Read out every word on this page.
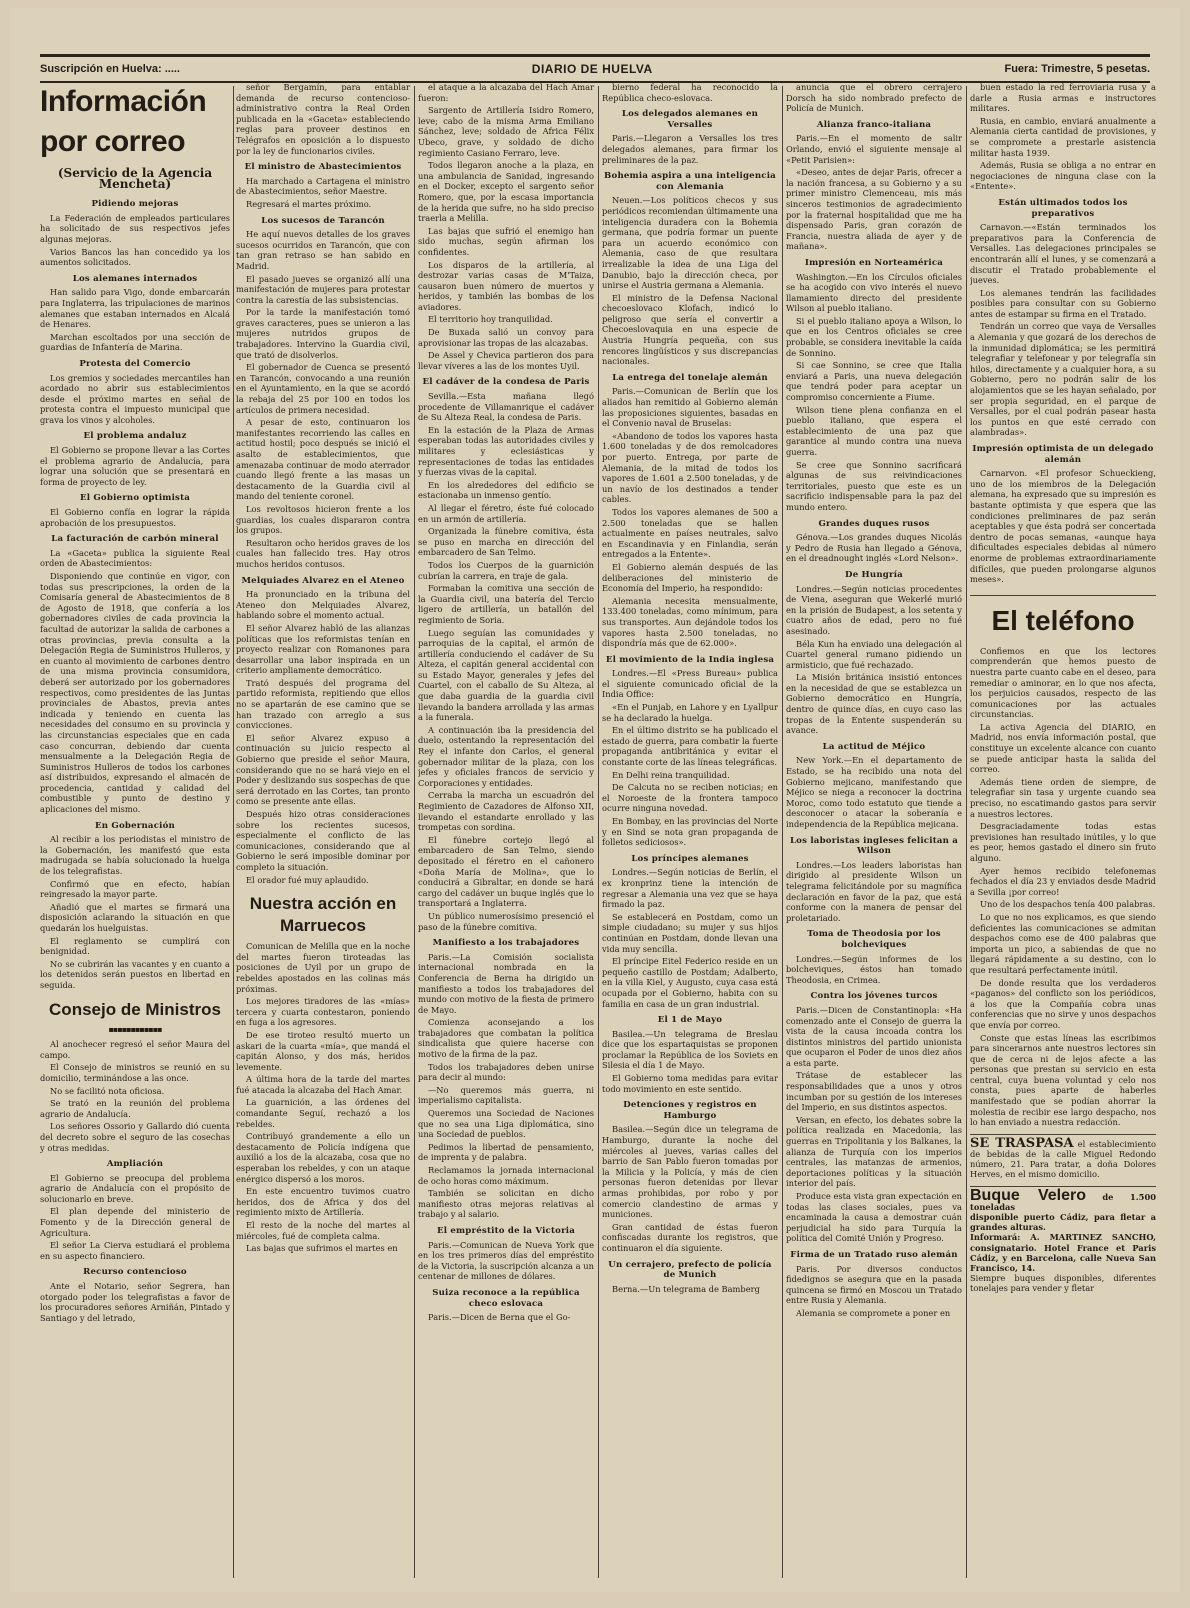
Suscripción en Huelva: .....	DIARIO DE HUELVA	Fuera: Trimestre, 5 pesetas.
Información por correo
(Servicio de la Agencia Mencheta)
Pidiendo mejoras

La Federación de empleados particulares ha solicitado de sus respectivos jefes algunas mejoras.

Varios Bancos las han concedido ya los aumentos solicitados.

Los alemanes internados

Han salido para Vigo, donde embarcarán para Inglaterra, las tripulaciones de marinos alemanes que estaban internados en Alcalá de Henares.

Marchan escoltados por una sección de guardias de Infantería de Marina.

Protesta del Comercio

Los gremios y sociedades mercantiles han acordado no abrir sus establecimientos desde el próximo martes en señal de protesta contra el impuesto municipal que grava los vinos y alcoholes.

El problema andaluz

El Gobierno se propone llevar a las Cortes el problema agrario de Andalucía, para lograr una solución que se presentará en forma de proyecto de ley.

El Gobierno optimista

El Gobierno confía en lograr la rápida aprobación de los presupuestos.

La facturación de carbón mineral

La «Gaceta» publica la siguiente Real orden de Abastecimientos:

Disponiendo que continúe en vigor, con todas sus prescripciones, la orden de la Comisaría general de Abastecimientos de 8 de Agosto de 1918, que confería a los gobernadores civiles de cada provincia la facultad de autorizar la salida de carbones a otras provincias, previa consulta a la Delegación Regia de Suministros Hulleros, y en cuanto al movimiento de carbones dentro de una misma provincia consumidora, deberá ser autorizado por los gobernadores respectivos, como presidentes de las Juntas provinciales de Abastos, previa antes indicada y teniendo en cuenta las necesidades del consumo en su provincia y las circunstancias especiales que en cada caso concurran, debiendo dar cuenta mensualmente a la Delegación Regia de Suministros Hulleros de todos los carbones así distribuidos, expresando el almacén de procedencia, cantidad y calidad del combustible y punto de destino y aplicaciones del mismo.

En Gobernación

Al recibir a los periodistas el ministro de la Gobernación, les manifestó que esta madrugada se había solucionado la huelga de los telegrafistas.

Confirmó que en efecto, habían reingresado la mayor parte.

Añadió que el martes se firmará una disposición aclarando la situación en que quedarán los huelguistas.

El reglamento se cumplirá con benignidad.

No se cubrirán las vacantes y en cuanto a los detenidos serán puestos en libertad en seguida.

Consejo de Ministros
▪▪▪▪▪▪▪▪▪▪▪▪

Al anochecer regresó el señor Maura del campo.

El Consejo de ministros se reunió en su domicilio, terminándose a las once.

No se facilitó nota oficiosa.

Se trató en la reunión del problema agrario de Andalucía.

Los señores Ossorio y Gallardo dió cuenta del decreto sobre el seguro de las cosechas y otras medidas.

Ampliación

El Gobierno se preocupa del problema agrario de Andalucía con el propósito de solucionarlo en breve.

El plan depende del ministerio de Fomento y de la Dirección general de Agricultura.

El señor La Cierva estudiará el problema en su aspecto financiero.

Recurso contencioso

Ante el Notario, señor Segrera, han otorgado poder los telegrafistas a favor de los procuradores señores Arniñán, Pintado y Santiago y del letrado,

señor Bergamín, para entablar demanda de recurso contencioso-administrativo contra la Real Orden publicada en la «Gaceta» estableciendo reglas para proveer destinos en Telégrafos en oposición a lo dispuesto por la ley de funcionarios civiles.

El ministro de Abastecimientos

Ha marchado a Cartagena el ministro de Abastecimientos, señor Maestre.

Regresará el martes próximo.

Los sucesos de Tarancón

He aquí nuevos detalles de los graves sucesos ocurridos en Tarancón, que con tan gran retraso se han sabido en Madrid.

El pasado jueves se organizó allí una manifestación de mujeres para protestar contra la carestía de las subsistencias.

Por la tarde la manifestación tomó graves caracteres, pues se unieron a las mujeres nutridos grupos de trabajadores. Intervino la Guardia civil, que trató de disolverlos.

El gobernador de Cuenca se presentó en Tarancón, convocando a una reunión en el Ayuntamiento, en la que se acordó la rebaja del 25 por 100 en todos los artículos de primera necesidad.

A pesar de esto, continuaron los manifestantes recorriendo las calles en actitud hostil; poco después se inició el asalto de establecimientos, que amenazaba continuar de modo aterrador cuando llegó frente a las masas un destacamento de la Guardia civil al mando del teniente coronel.

Los revoltosos hicieron frente a los guardias, los cuales dispararon contra los grupos.

Resultaron ocho heridos graves de los cuales han fallecido tres. Hay otros muchos heridos contusos.

Melquiades Alvarez en el Ateneo

Ha pronunciado en la tribuna del Ateneo don Melquiades Alvarez, hablando sobre el momento actual.

El señor Alvarez habló de las alianzas políticas que los reformistas tenían en proyecto realizar con Romanones para desarrollar una labor inspirada en un criterio ampliamente democrático.

Trató después del programa del partido reformista, repitiendo que ellos no se apartarán de ese camino que se han trazado con arreglo a sus convicciones.

El señor Alvarez expuso a continuación su juicio respecto al Gobierno que preside el señor Maura, considerando que no se hará viejo en el Poder y deslizando sus sospechas de que será derrotado en las Cortes, tan pronto como se presente ante ellas.

Después hizo otras consideraciones sobre los recientes sucesos, especialmente el conflicto de las comunicaciones, considerando que al Gobierno le será imposible dominar por completo la situación.

El orador fué muy aplaudido.

Nuestra acción en Marruecos

Comunican de Melilla que en la noche del martes fueron tiroteadas las posiciones de Uyil por un grupo de rebeldes apostados en las colinas más próximas.

Los mejores tiradores de las «mías» tercera y cuarta contestaron, poniendo en fuga a los agresores.

De ese tiroteo resultó muerto un askari de la cuarta «mía», que mandá el capitán Alonso, y dos más, heridos levemente.

A última hora de la tarde del martes fué atacada la alcazaba del Hach Amar.

La guarnición, a las órdenes del comandante Seguí, rechazó a los rebeldes.

Contribuyó grandemente a ello un destacamento de Policía indígena que auxilió a los de la alcazaba, cosa que no esperaban los rebeldes, y con un ataque enérgico dispersó a los moros.

En este encuentro tuvimos cuatro heridos, dos de Africa y dos del regimiento mixto de Artillería.

El resto de la noche del martes al miércoles, fué de completa calma.

Las bajas que sufrimos el martes en

el ataque a la alcazaba del Hach Amar fueron:

Sargento de Artillería Isidro Romero, leve; cabo de la misma Arma Emiliano Sánchez, leve; soldado de Africa Félix Ubeco, grave, y soldado de dicho regimiento Casiano Ferraro, leve.

Todos llegaron anoche a la plaza, en una ambulancia de Sanidad, ingresando en el Docker, excepto el sargento señor Romero, que, por la escasa importancia de la herida que sufre, no ha sido preciso traerla a Melilla.

Las bajas que sufrió el enemigo han sido muchas, según afirman los confidentes.

Los disparos de la artillería, al destrozar varias casas de M'Taiza, causaron buen número de muertos y heridos, y también las bombas de los aviadores.

El territorio hoy tranquilidad.

De Buxada salió un convoy para aprovisionar las tropas de las alcazabas.

De Assel y Chevica partieron dos para llevar víveres a las de los montes Uyil.

El cadáver de la condesa de Paris

Sevilla.—Esta mañana llegó procedente de Villamanrique el cadáver de Su Alteza Real, la condesa de Paris.

En la estación de la Plaza de Armas esperaban todas las autoridades civiles y militares y eclesiásticas y representaciones de todas las entidades y fuerzas vivas de la capital.

En los alrededores del edificio se estacionaba un inmenso gentío.

Al llegar el féretro, éste fué colocado en un armón de artillería.

Organizada la fúnebre comitiva, ésta se puso en marcha en dirección del embarcadero de San Telmo.

Todos los Cuerpos de la guarnición cubrían la carrera, en traje de gala.

Formaban la comitiva una sección de la Guardia civil, una batería del Tercio ligero de artillería, un batallón del regimiento de Soria.

Luego seguían las comunidades y parroquias de la capital, el armón de artillería conduciendo el cadáver de Su Alteza, el capitán general accidental con su Estado Mayor, generales y jefes del Cuartel, con el caballo de Su Alteza, al que daba guardia de la guardia civil llevando la bandera arrollada y las armas a la funerala.

A continuación iba la presidencia del duelo, ostentando la representación del Rey el infante don Carlos, el general gobernador militar de la plaza, con los jefes y oficiales francos de servicio y Corporaciones y entidades.

Cerraba la marcha un escuadrón del Regimiento de Cazadores de Alfonso XII, llevando el estandarte enrollado y las trompetas con sordina.

El fúnebre cortejo llegó al embarcadero de San Telmo, siendo depositado el féretro en el cañonero «Doña María de Molina», que lo conducirá a Gibraltar, en donde se hará cargo del cadáver un buque inglés que lo transportará a Inglaterra.

Un público numerosísimo presenció el paso de la fúnebre comitiva.

Manifiesto a los trabajadores

Paris.—La Comisión socialista internacional nombrada en la Conferencia de Berna ha dirigido un manifiesto a todos los trabajadores del mundo con motivo de la fiesta de primero de Mayo.

Comienza aconsejando a los trabajadores que combatan la política sindicalista que quiere hacerse con motivo de la firma de la paz.

Todos los trabajadores deben unirse para decir al mundo:

—No queremos más guerra, ni imperialismo capitalista.

Queremos una Sociedad de Naciones que no sea una Liga diplomática, sino una Sociedad de pueblos.

Pedimos la libertad de pensamiento, de imprenta y de palabra.

Reclamamos la jornada internacional de ocho horas como máximum.

También se solicitan en dicho manifiesto otras mejoras relativas al trabajo y al salario.

El empréstito de la Victoria

Paris.—Comunican de Nueva York que en los tres primeros días del empréstito de la Victoria, la suscripción alcanza a un centenar de millones de dólares.

Suiza reconoce a la república checo eslovaca

Paris.—Dicen de Berna que el Go-

bierno federal ha reconocido la República checo-eslovaca.

Los delegados alemanes en Versalles

Paris.—Llegaron a Versalles los tres delegados alemanes, para firmar los preliminares de la paz.

Bohemia aspira a una inteligencia con Alemania

Neuen.—Los políticos checos y sus periódicos recomiendan últimamente una inteligencia duradera con la Bohemia germana, que podría formar un puente para un acuerdo económico con Alemania, caso de que resultara irrealizable la idea de una Liga del Danubio, bajo la dirección checa, por unirse el Austria germana a Alemania.

El ministro de la Defensa Nacional checoeslovaco Klofach, indicó lo peligroso que sería el convertir a Checoeslovaquia en una especie de Austria Hungría pequeña, con sus rencores lingüísticos y sus discrepancias nacionales.

La entrega del tonelaje alemán

Paris.—Comunican de Berlín que los aliados han remitido al Gobierno alemán las proposiciones siguientes, basadas en el Convenio naval de Bruselas:

«Abandono de todos los vapores hasta 1.600 toneladas y de dos remolcadores por puerto. Entrega, por parte de Alemania, de la mitad de todos los vapores de 1.601 a 2.500 toneladas, y de un navío de los destinados a tender cables.

Todos los vapores alemanes de 500 a 2.500 toneladas que se hallen actualmente en países neutrales, salvo en Escandinavia y en Finlandia, serán entregados a la Entente».

El Gobierno alemán después de las deliberaciones del ministerio de Economía del Imperio, ha respondido:

Alemania necesita mensualmente, 133.400 toneladas, como mínimum, para sus transportes. Aun dejándole todos los vapores hasta 2.500 toneladas, no dispondría más que de 62.000».

El movimiento de la India inglesa

Londres.—El «Press Bureau» publica el siguiente comunicado oficial de la India Office:

«En el Punjab, en Lahore y en Lyallpur se ha declarado la huelga.

En el último distrito se ha publicado el estado de guerra, para combatir la fuerte propaganda antibritánica y evitar el constante corte de las líneas telegráficas.

En Delhi reina tranquilidad.

De Calcuta no se reciben noticias; en el Noroeste de la frontera tampoco ocurre ninguna novedad.

En Bombay, en las provincias del Norte y en Sind se nota gran propaganda de folletos sediciosos».

Los príncipes alemanes

Londres.—Según noticias de Berlín, el ex kronprinz tiene la intención de regresar a Alemania una vez que se haya firmado la paz.

Se establecerá en Postdam, como un simple ciudadano; su mujer y sus hijos continúan en Postdam, donde llevan una vida muy sencilla.

El príncipe Eitel Federico reside en un pequeño castillo de Postdam; Adalberto, en la villa Kiel, y Augusto, cuya casa está ocupada por el Gobierno, habita con su familia en casa de un gran industrial.

El 1 de Mayo

Basilea.—Un telegrama de Breslau dice que los espartaquistas se proponen proclamar la República de los Soviets en Silesia el día 1 de Mayo.

El Gobierno toma medidas para evitar todo movimiento en este sentido.

Detenciones y registros en Hamburgo

Basilea.—Según dice un telegrama de Hamburgo, durante la noche del miércoles al jueves, varias calles del barrio de San Pablo fueron tomadas por la Milicia y la Policía, y más de cien personas fueron detenidas por llevar armas prohibidas, por robo y por comercio clandestino de armas y municiones.

Gran cantidad de éstas fueron confiscadas durante los registros, que continuaron el día siguiente.

Un cerrajero, prefecto de policía de Munich

Berna.—Un telegrama de Bamberg

anuncia que el obrero cerrajero Dorsch ha sido nombrado prefecto de Policía de Munich.

Alianza franco-italiana

Paris.—En el momento de salir Orlando, envió el siguiente mensaje al «Petit Parisien»:

«Deseo, antes de dejar Paris, ofrecer a la nación francesa, a su Gobierno y a su primer ministro Clemenceau, mis más sinceros testimonios de agradecimiento por la fraternal hospitalidad que me ha dispensado Paris, gran corazón de Francia, nuestra aliada de ayer y de mañana».

Impresión en Norteamérica

Washington.—En los Círculos oficiales se ha acogido con vivo interés el nuevo llamamiento directo del presidente Wilson al pueblo italiano.

Si el pueblo italiano apoya a Wilson, lo que en los Centros oficiales se cree probable, se considera inevitable la caída de Sonnino.

Si cae Sonnino, se cree que Italia enviará a Paris, una nueva delegación que tendrá poder para aceptar un compromiso concerniente a Fiume.

Wilson tiene plena confianza en el pueblo italiano, que espera el establecimiento de una paz que garantice al mundo contra una nueva guerra.

Se cree que Sonnino sacrificará algunas de sus reivindicaciones territoriales, puesto que este es un sacrificio indispensable para la paz del mundo entero.

Grandes duques rusos

Génova.—Los grandes duques Nicolás y Pedro de Rusia han llegado a Génova, en el dreadnought inglés «Lord Nelson».

De Hungría

Londres.—Según noticias procedentes de Viena, aseguran que Wekerlé murió en la prisión de Budapest, a los setenta y cuatro años de edad, pero no fué asesinado.

Béla Kun ha enviado una delegación al Cuartel general rumano pidiendo un armisticio, que fué rechazado.

La Misión británica insistió entonces en la necesidad de que se establezca un Gobierno democrático en Hungría, dentro de quince días, en cuyo caso las tropas de la Entente suspenderán su avance.

La actitud de Méjico

New York.—En el departamento de Estado, se ha recibido una nota del Gobierno mejicano, manifestando que Méjico se niega a reconocer la doctrina Moroc, como todo estatuto que tiende a desconocer o atacar la soberanía e independencia de la República mejicana.

Los laboristas ingleses felicitan a Wilson

Londres.—Los leaders laboristas han dirigido al presidente Wilson un telegrama felicitándole por su magnífica declaración en favor de la paz, que está conforme con la manera de pensar del proletariado.

Toma de Theodosia por los bolcheviques

Londres.—Según informes de los bolcheviques, éstos han tomado Theodosia, en Crimea.

Contra los jóvenes turcos

Paris.—Dicen de Constantinopla: «Ha comenzado ante el Consejo de guerra la vista de la causa incoada contra los distintos ministros del partido unionista que ocuparon el Poder de unos diez años a esta parte.

Trátase de establecer las responsabilidades que a unos y otros incumban por su gestión de los intereses del Imperio, en sus distintos aspectos.

Versan, en efecto, los debates sobre la política realizada en Macedonia, las guerras en Tripolitania y los Balkanes, la alianza de Turquía con los imperios centrales, las matanzas de armenios, deportaciones políticas y la situación interior del país.

Produce esta vista gran expectación en todas las clases sociales, pues va encaminada la causa a demostrar cuán perjudicial ha sido para Turquía la política del Comité Unión y Progreso.

Firma de un Tratado ruso alemán

Paris. Por diversos conductos fidedignos se asegura que en la pasada quincena se firmó en Moscou un Tratado entre Rusia y Alemania.

Alemania se compromete a poner en

buen estado la red ferroviaria rusa y a darle a Rusia armas e instructores militares.

Rusia, en cambio, enviará anualmente a Alemania cierta cantidad de provisiones, y se compromete a prestarle asistencia militar hasta 1939.

Además, Rusia se obliga a no entrar en negociaciones de ninguna clase con la «Entente».

Están ultimados todos los preparativos

Carnavon.—«Están terminados los preparativos para la Conferencia de Versalles. Las delegaciones principales se encontrarán allí el lunes, y se comenzará a discutir el Tratado probablemente el jueves.

Los alemanes tendrán las facilidades posibles para consultar con su Gobierno antes de estampar su firma en el Tratado.

Tendrán un correo que vaya de Versalles a Alemania y que gozará de los derechos de la inmunidad diplomática; se les permitirá telegrafiar y telefonear y por telegrafía sin hilos, directamente y a cualquier hora, a su Gobierno, pero no podrán salir de los alojamientos que se les hayan señalado, por ser propia seguridad, en el parque de Versalles, por el cual podrán pasear hasta los puntos en que esté cerrado con alambradas».

Impresión optimista de un delegado alemán

Carnarvon. «El profesor Schueckieng, uno de los miembros de la Delegación alemana, ha expresado que su impresión es bastante optimista y que espera que las condiciones preliminares de paz serán aceptables y que ésta podrá ser concertada dentro de pocas semanas, «aunque haya dificultades especiales debidas al número enorme de problemas extraordinariamente difíciles, que pueden prolongarse algunos meses».

El teléfono

Confiemos en que los lectores comprenderán que hemos puesto de nuestra parte cuanto cabe en el deseo, para remediar o aminorar, en lo que nos afecta, los perjuicios causados, respecto de las comunicaciones por las actuales circunstancias.

La activa Agencia del DIARIO, en Madrid, nos envía información postal, que constituye un excelente alcance con cuanto se puede anticipar hasta la salida del correo.

Además tiene orden de siempre, de telegrafiar sin tasa y urgente cuando sea preciso, no escatimando gastos para servir a nuestros lectores.

Desgraciadamente todas estas previsiones han resultado inútiles, y lo que es peor, hemos gastado el dinero sin fruto alguno.

Ayer hemos recibido telefonemas fechados el día 23 y enviados desde Madrid a Sevilla ¡por correo!

Uno de los despachos tenía 400 palabras.

Lo que no nos explicamos, es que siendo deficientes las comunicaciones se admitan despachos como ese de 400 palabras que importa un pico, a sabiendas de que no llegará rápidamente a su destino, con lo que resultará perfectamente inútil.

De donde resulta que los verdaderos «paganos» del conflicto son los periódicos, a los que la Compañía cobra unas conferencias que no sirve y unos despachos que envía por correo.

Conste que estas líneas las escribimos para sincerarnos ante nuestros lectores sin que de cerca ni de lejos afecte a las personas que prestan su servicio en esta central, cuya buena voluntad y celo nos consta, pues aparte de haberles manifestado que se podían ahorrar la molestia de recibir ese largo despacho, nos lo han enviado a nuestra redacción.

SE TRASPASA el establecimiento de bebidas de la calle Miguel Redondo número, 21. Para tratar, a doña Dolores Herves, en el mismo domicilio.
Buque Velero de 1.500 toneladas
disponible puerto Cádiz, para fletar a grandes alturas.
Informará: A. MARTINEZ SANCHO, consignatario. Hotel France et Paris Cádiz, y en Barcelona, calle Nueva San Francisco, 14.
Siempre buques disponibles, diferentes tonelajes para vender y fletar
